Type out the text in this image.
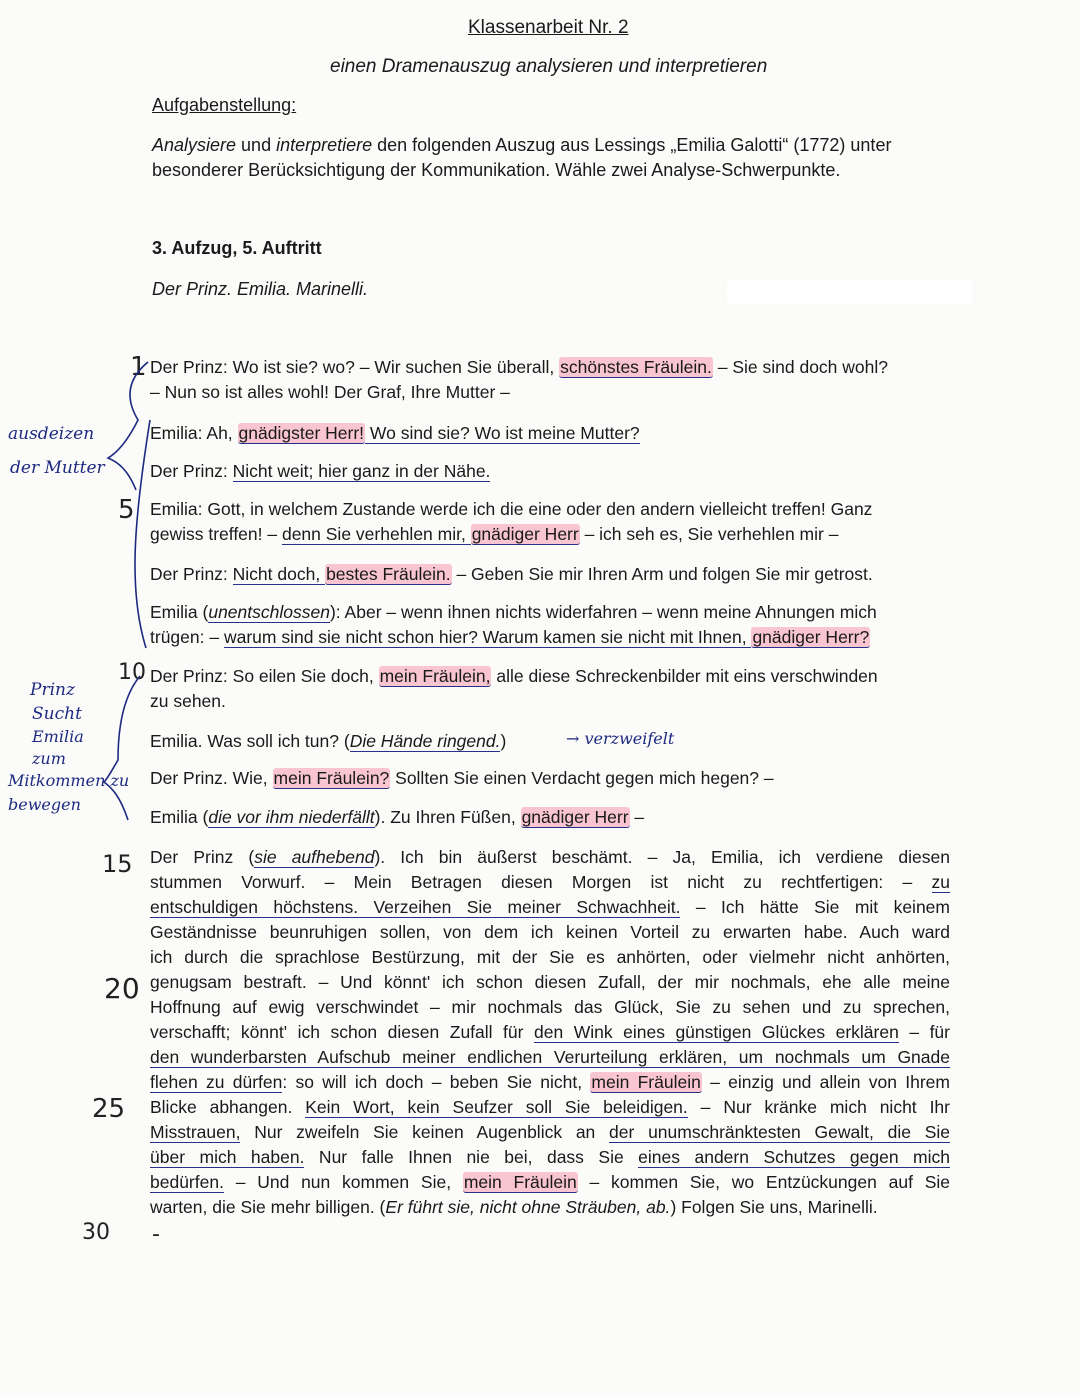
Klassenarbeit Nr. 2
einen Dramenauszug analysieren und interpretieren
Aufgabenstellung:
Analysiere und interpretiere den folgenden Auszug aus Lessings „Emilia Galotti“ (1772) unter
besonderer Berücksichtigung der Kommunikation. Wähle zwei Analyse-Schwerpunkte.
3. Aufzug, 5. Auftritt
Der Prinz. Emilia. Marinelli.
Der Prinz: Wo ist sie? wo? – Wir suchen Sie überall, schönstes Fräulein. – Sie sind doch wohl?
– Nun so ist alles wohl! Der Graf, Ihre Mutter –
Emilia: Ah, gnädigster Herr! Wo sind sie? Wo ist meine Mutter?
Der Prinz: Nicht weit; hier ganz in der Nähe.
Emilia: Gott, in welchem Zustande werde ich die eine oder den andern vielleicht treffen! Ganz
gewiss treffen! – denn Sie verhehlen mir, gnädiger Herr – ich seh es, Sie verhehlen mir –
Der Prinz: Nicht doch, bestes Fräulein. – Geben Sie mir Ihren Arm und folgen Sie mir getrost.
Emilia (unentschlossen): Aber – wenn ihnen nichts widerfahren – wenn meine Ahnungen mich
trügen: – warum sind sie nicht schon hier? Warum kamen sie nicht mit Ihnen, gnädiger Herr?
Der Prinz: So eilen Sie doch, mein Fräulein, alle diese Schreckenbilder mit eins verschwinden
zu sehen.
Emilia. Was soll ich tun? (Die Hände ringend.)
Der Prinz. Wie, mein Fräulein? Sollten Sie einen Verdacht gegen mich hegen? –
Emilia (die vor ihm niederfällt). Zu Ihren Füßen, gnädiger Herr –
Der Prinz (sie aufhebend). Ich bin äußerst beschämt. – Ja, Emilia, ich verdiene diesen
stummen Vorwurf. – Mein Betragen diesen Morgen ist nicht zu rechtfertigen: – zu
entschuldigen höchstens. Verzeihen Sie meiner Schwachheit. – Ich hätte Sie mit keinem
Geständnisse beunruhigen sollen, von dem ich keinen Vorteil zu erwarten habe. Auch ward
ich durch die sprachlose Bestürzung, mit der Sie es anhörten, oder vielmehr nicht anhörten,
genugsam bestraft. – Und könnt' ich schon diesen Zufall, der mir nochmals, ehe alle meine
Hoffnung auf ewig verschwindet – mir nochmals das Glück, Sie zu sehen und zu sprechen,
verschafft; könnt' ich schon diesen Zufall für den Wink eines günstigen Glückes erklären – für
den wunderbarsten Aufschub meiner endlichen Verurteilung erklären, um nochmals um Gnade
flehen zu dürfen: so will ich doch – beben Sie nicht, mein Fräulein – einzig und allein von Ihrem
Blicke abhangen. Kein Wort, kein Seufzer soll Sie beleidigen. – Nur kränke mich nicht Ihr
Misstrauen, Nur zweifeln Sie keinen Augenblick an der unumschränktesten Gewalt, die Sie
über mich haben. Nur falle Ihnen nie bei, dass Sie eines andern Schutzes gegen mich
bedürfen. – Und nun kommen Sie, mein Fräulein – kommen Sie, wo Entzückungen auf Sie
warten, die Sie mehr billigen. (Er führt sie, nicht ohne Sträuben, ab.) Folgen Sie uns, Marinelli.
1
5
10
15
20
25
30 -
ausdeizen
der Mutter
Prinz
Sucht
Emilia
zum
Mitkommen zu
bewegen
→ verzweifelt
